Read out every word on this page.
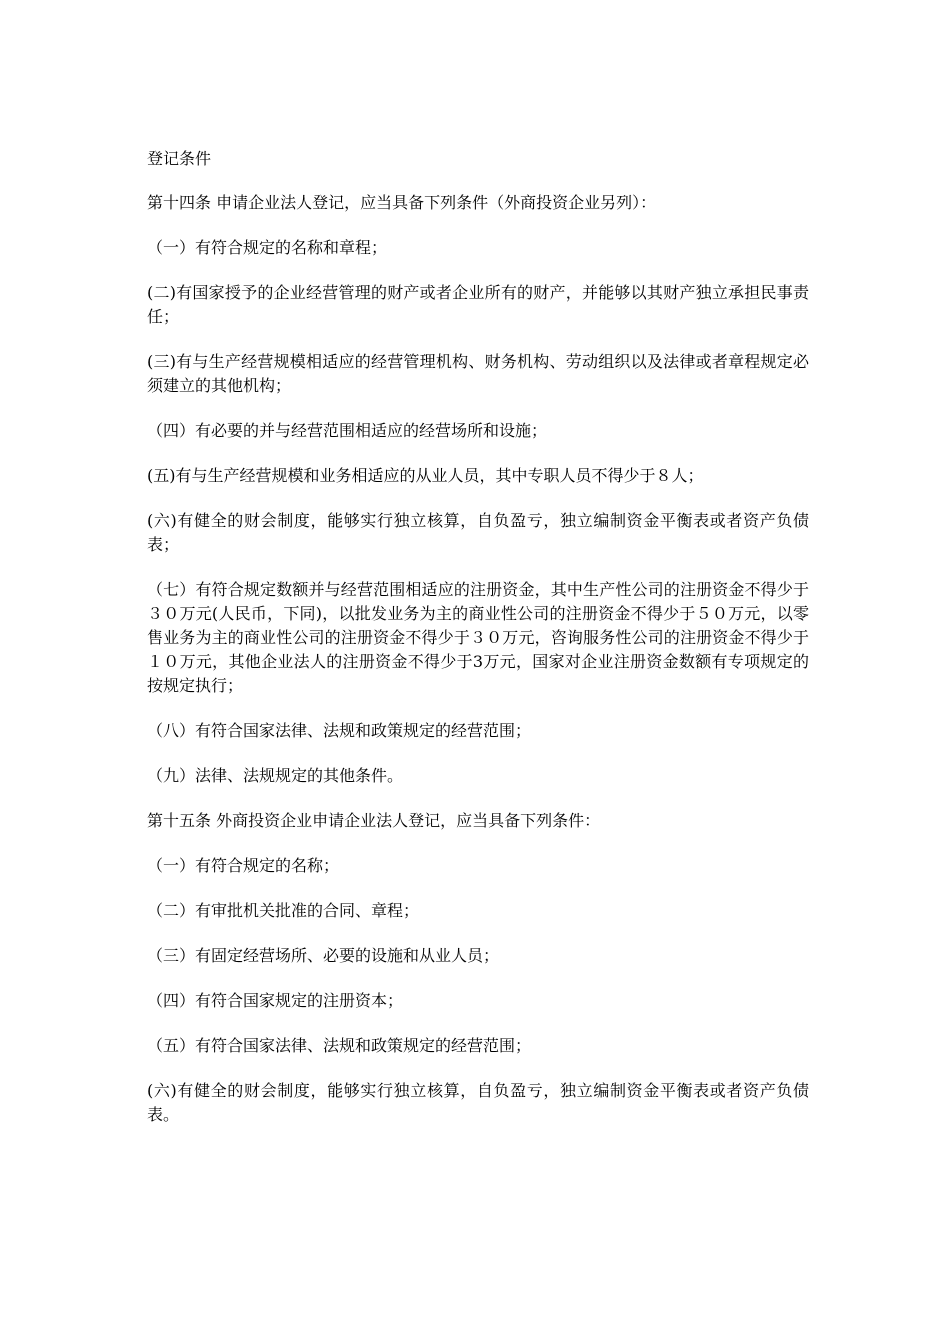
登记条件

第十四条 申请企业法人登记，应当具备下列条件（外商投资企业另列）：

（一）有符合规定的名称和章程；

(二)有国家授予的企业经营管理的财产或者企业所有的财产，并能够以其财产独立承担民事责任；

(三)有与生产经营规模相适应的经营管理机构、财务机构、劳动组织以及法律或者章程规定必须建立的其他机构；

（四）有必要的并与经营范围相适应的经营场所和设施；

(五)有与生产经营规模和业务相适应的从业人员，其中专职人员不得少于８人；

(六)有健全的财会制度，能够实行独立核算，自负盈亏，独立编制资金平衡表或者资产负债表；

（七）有符合规定数额并与经营范围相适应的注册资金，其中生产性公司的注册资金不得少于３０万元(人民币，下同)，以批发业务为主的商业性公司的注册资金不得少于５０万元，以零售业务为主的商业性公司的注册资金不得少于３０万元，咨询服务性公司的注册资金不得少于１０万元，其他企业法人的注册资金不得少于3万元，国家对企业注册资金数额有专项规定的按规定执行；

（八）有符合国家法律、法规和政策规定的经营范围；

（九）法律、法规规定的其他条件。

第十五条 外商投资企业申请企业法人登记，应当具备下列条件：

（一）有符合规定的名称；

（二）有审批机关批准的合同、章程；

（三）有固定经营场所、必要的设施和从业人员；

（四）有符合国家规定的注册资本；

（五）有符合国家法律、法规和政策规定的经营范围；

(六)有健全的财会制度，能够实行独立核算，自负盈亏，独立编制资金平衡表或者资产负债表。
